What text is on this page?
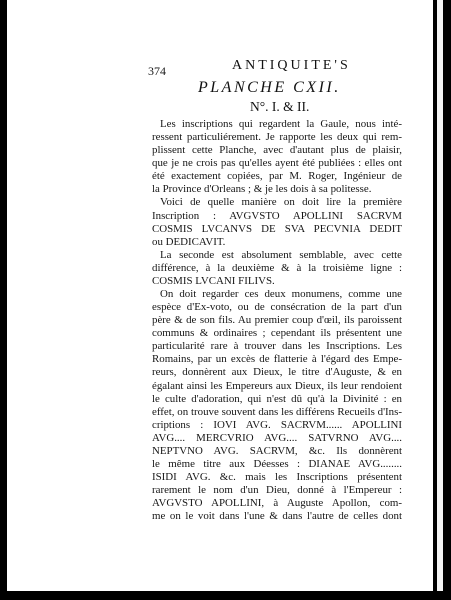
374	ANTIQUITE'S
PLANCHE CXII.
N°. I. & II.
Les inscriptions qui regardent la Gaule, nous inté-
ressent particuliérement. Je rapporte les deux qui rem-
plissent cette Planche, avec d'autant plus de plaisir,
que je ne crois pas qu'elles ayent été publiées : elles ont
été exactement copiées, par M. Roger, Ingénieur de
la Province d'Orleans ; & je les dois à sa politesse.
Voici de quelle manière on doit lire la première
Inscription : AVGVSTO APOLLINI SACRVM
COSMIS LVCANVS DE SVA PECVNIA DEDIT
ou DEDICAVIT.
La seconde est absolument semblable, avec cette
différence, à la deuxième & à la troisième ligne :
COSMIS LVCANI FILIVS.
On doit regarder ces deux monumens, comme une
espèce d'Ex-voto, ou de consécration de la part d'un
père & de son fils. Au premier coup d'œil, ils paroissent
communs & ordinaires ; cependant ils présentent une
particularité rare à trouver dans les Inscriptions. Les
Romains, par un excès de flatterie à l'égard des Empe-
reurs, donnèrent aux Dieux, le titre d'Auguste, & en
égalant ainsi les Empereurs aux Dieux, ils leur rendoient
le culte d'adoration, qui n'est dû qu'à la Divinité : en
effet, on trouve souvent dans les différens Recueils d'Ins-
criptions : IOVI AVG. SACRVM...... APOLLINI
AVG.... MERCVRIO AVG.... SATVRNO AVG....
NEPTVNO AVG. SACRVM, &c. Ils donnèrent
le même titre aux Déesses : DIANAE AVG........
ISIDI AVG. &c. mais les Inscriptions présentent
rarement le nom d'un Dieu, donné à l'Empereur :
AVGVSTO APOLLINI, à Auguste Apollon, com-
me on le voit dans l'une & dans l'autre de celles dont
